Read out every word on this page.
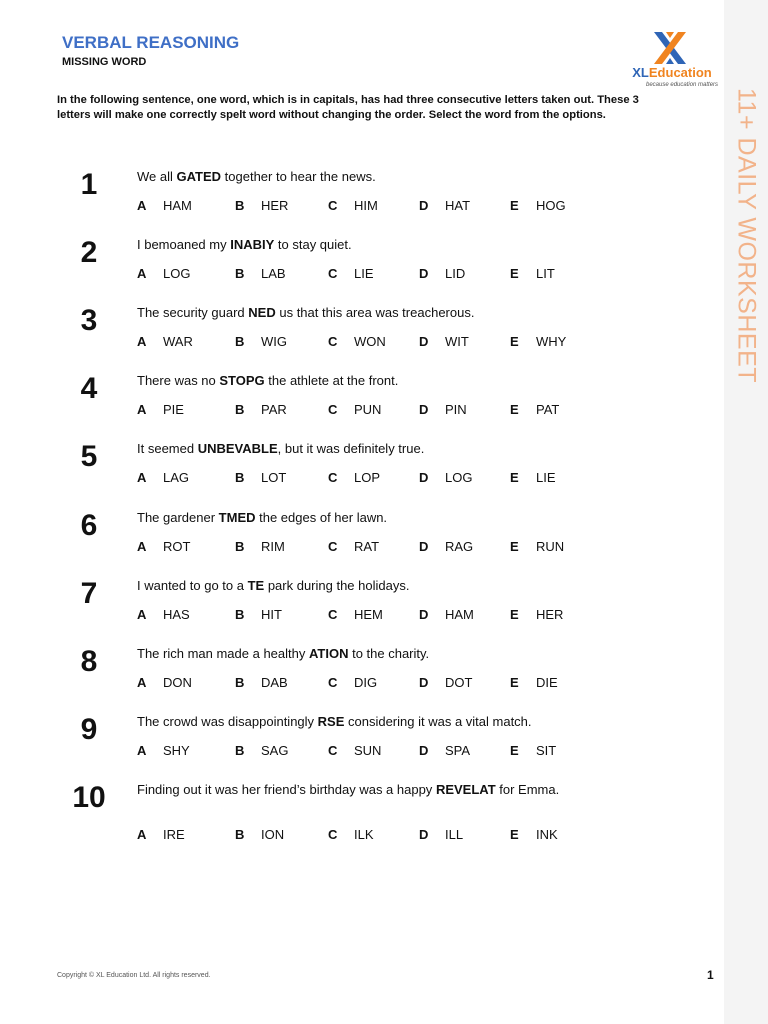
11+ DAILY WORKSHEET
VERBAL REASONING
MISSING WORD
XLEducation
because education matters
In the following sentence, one word, which is in capitals, has had three consecutive letters taken out. These 3 letters will make one correctly spelt word without changing the order. Select the word from the options.
1	We all GATED together to hear the news.
A HAM	B HER	C HIM	D HAT	E HOG
2	I bemoaned my INABIY to stay quiet.
A LOG	B LAB	C LIE	D LID	E LIT
3	The security guard NED us that this area was treacherous.
A WAR	B WIG	C WON	D WIT	E WHY
4	There was no STOPG the athlete at the front.
A PIE	B PAR	C PUN	D PIN	E PAT
5	It seemed UNBEVABLE, but it was definitely true.
A LAG	B LOT	C LOP	D LOG	E LIE
6	The gardener TMED the edges of her lawn.
A ROT	B RIM	C RAT	D RAG	E RUN
7	I wanted to go to a TE park during the holidays.
A HAS	B HIT	C HEM	D HAM	E HER
8	The rich man made a healthy ATION to the charity.
A DON	B DAB	C DIG	D DOT	E DIE
9	The crowd was disappointingly RSE considering it was a vital match.
A SHY	B SAG	C SUN	D SPA	E SIT
10	Finding out it was her friend’s birthday was a happy REVELAT for Emma.
A IRE	B ION	C ILK	D ILL	E INK
Copyright © XL Education Ltd. All rights reserved.	1
